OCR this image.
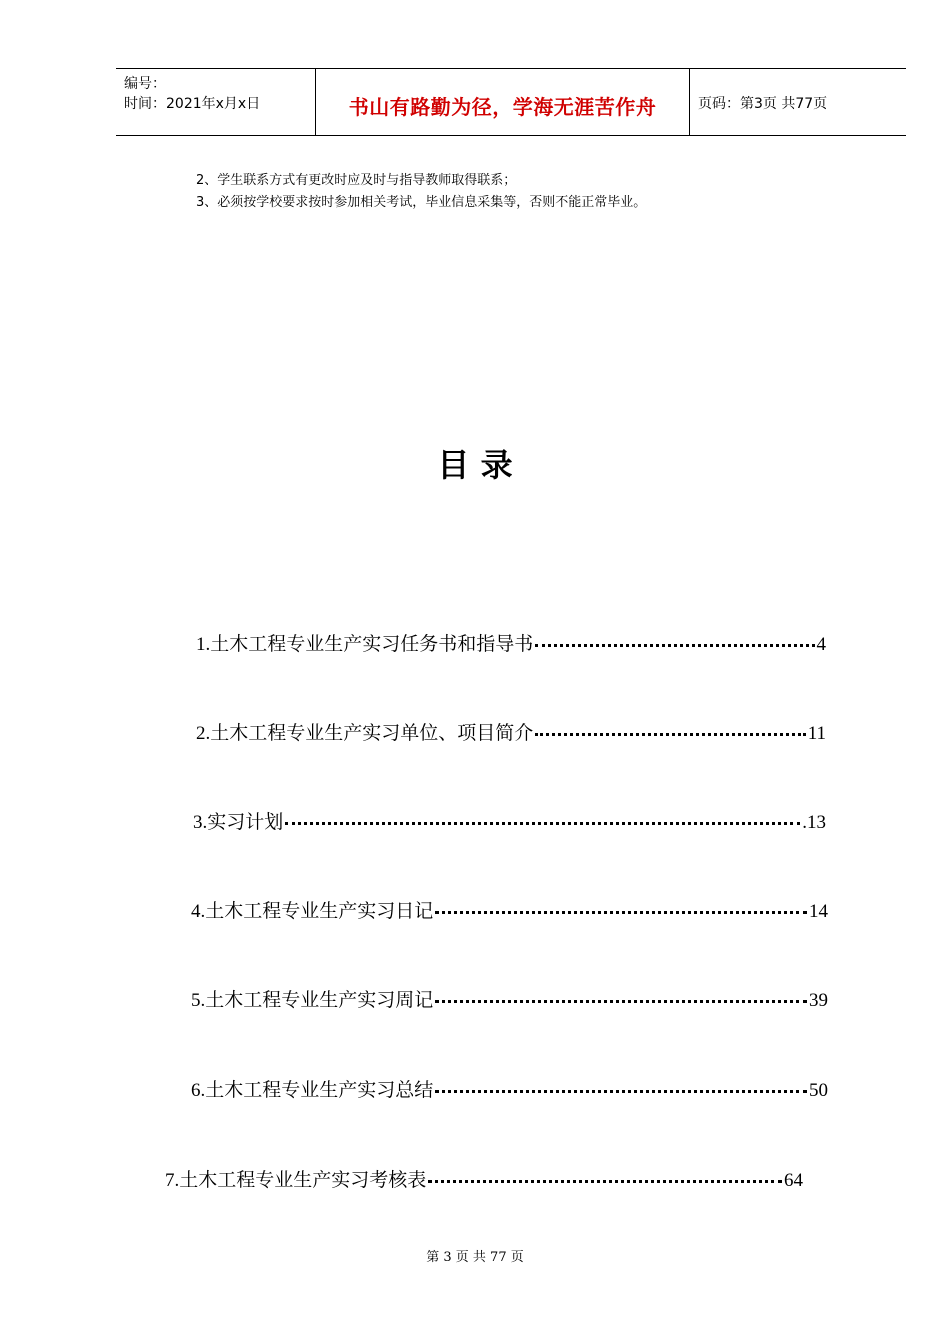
编号：
时间：2021年x月x日	书山有路勤为径，学海无涯苦作舟	页码：第3页 共77页
2、学生联系方式有更改时应及时与指导教师取得联系；
3、必须按学校要求按时参加相关考试，毕业信息采集等，否则不能正常毕业。
目 录
1. 土木工程专业生产实习任务书和指导书	4
2. 土木工程专业生产实习单位、项目简介	11
3. 实习计划	.13
4. 土木工程专业生产实习日记	14
5. 土木工程专业生产实习周记	39
6. 土木工程专业生产实习总结	50
7. 土木工程专业生产实习考核表	64
第 3 页 共 77 页
